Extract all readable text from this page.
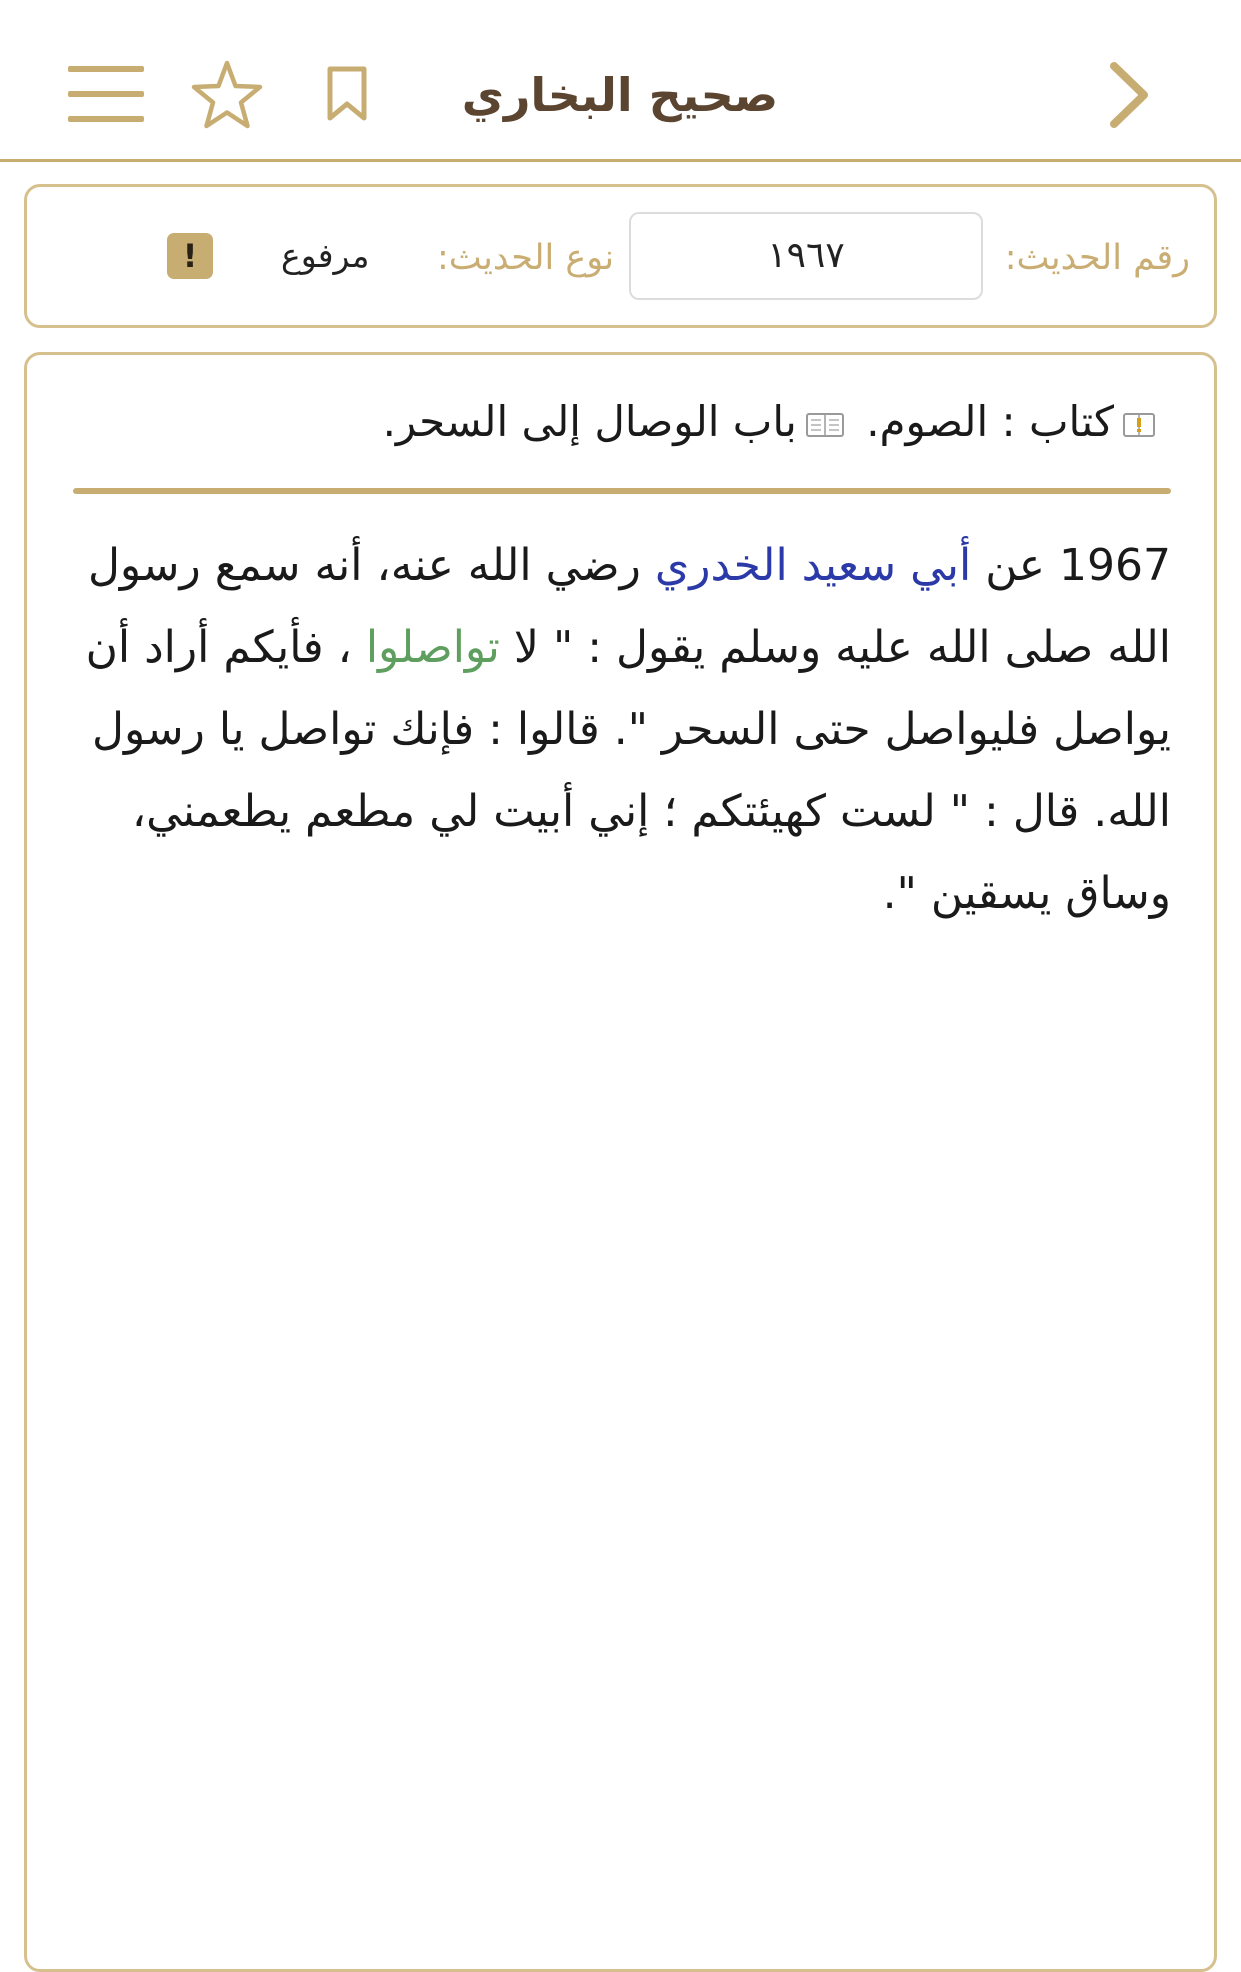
صحيح البخاري
رقم الحديث:
١٩٦٧
نوع الحديث:
مرفوع
!
كتاب : الصوم. باب الوصال إلى السحر.
1967 عن أبي سعيد الخدري رضي الله عنه، أنه سمع رسول الله صلى الله عليه وسلم يقول : " لا تواصلوا ، فأيكم أراد أن يواصل فليواصل حتى السحر ". قالوا : فإنك تواصل يا رسول الله. قال : " لست كهيئتكم ؛ إني أبيت لي مطعم يطعمني، وساق يسقين ".
